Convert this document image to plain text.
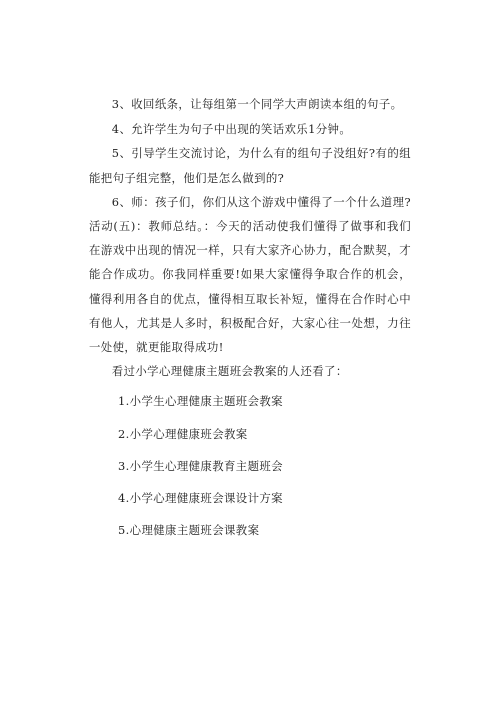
3、收回纸条，让每组第一个同学大声朗读本组的句子。

4、允许学生为句子中出现的笑话欢乐1分钟。

5、引导学生交流讨论，为什么有的组句子没组好?有的组能把句子组完整，他们是怎么做到的?

6、师：孩子们，你们从这个游戏中懂得了一个什么道理?活动(五)：教师总结。：今天的活动使我们懂得了做事和我们在游戏中出现的情况一样，只有大家齐心协力，配合默契，才能合作成功。你我同样重要!如果大家懂得争取合作的机会，懂得利用各自的优点，懂得相互取长补短，懂得在合作时心中有他人，尤其是人多时，积极配合好，大家心往一处想，力往一处使，就更能取得成功!

看过小学心理健康主题班会教案的人还看了：

1.小学生心理健康主题班会教案
2.小学心理健康班会教案
3.小学生心理健康教育主题班会
4.小学心理健康班会课设计方案
5.心理健康主题班会课教案
